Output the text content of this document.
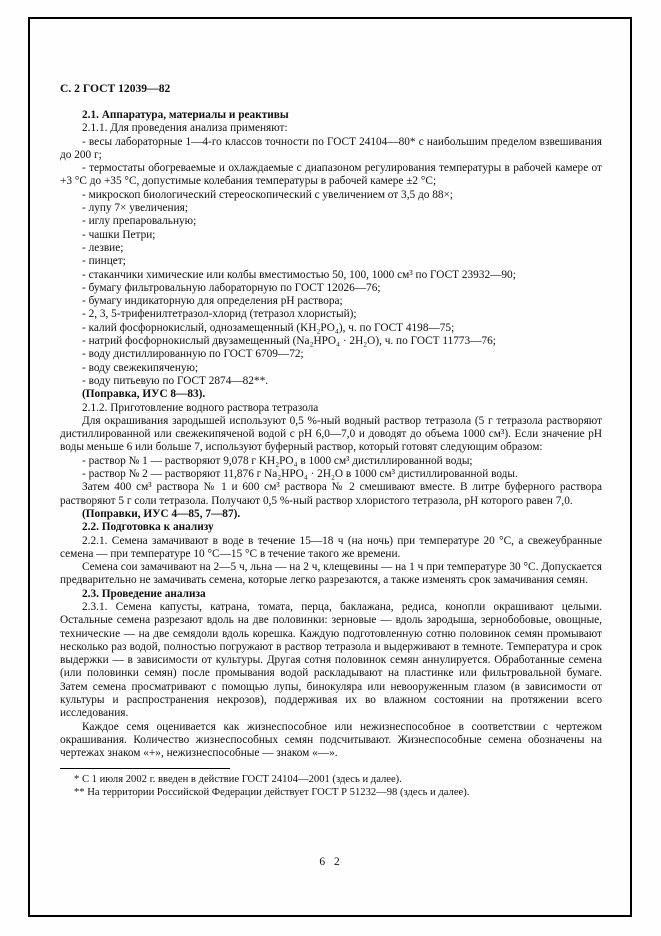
С. 2 ГОСТ 12039—82

2.1. Аппаратура, материалы и реактивы

2.1.1. Для проведения анализа применяют:

- весы лабораторные 1—4-го классов точности по ГОСТ 24104—80* с наибольшим пределом взвешивания до 200 г;

- термостаты обогреваемые и охлаждаемые с диапазоном регулирования температуры в рабочей камере от +3 °С до +35 °С, допустимые колебания температуры в рабочей камере ±2 °С;

- микроскоп биологический стереоскопический с увеличением от 3,5 до 88×;

- лупу 7× увеличения;

- иглу препаровальную;

- чашки Петри;

- лезвие;

- пинцет;

- стаканчики химические или колбы вместимостью 50, 100, 1000 см³ по ГОСТ 23932—90;

- бумагу фильтровальную лабораторную по ГОСТ 12026—76;

- бумагу индикаторную для определения рН раствора;

- 2, 3, 5-трифенилтетразол-хлорид (тетразол хлористый);

- калий фосфорнокислый, однозамещенный (KH₂PO₄), ч. по ГОСТ 4198—75;

- натрий фосфорнокислый двузамещенный (Na₂HPO₄ · 2H₂O), ч. по ГОСТ 11773—76;

- воду дистиллированную по ГОСТ 6709—72;

- воду свежекипяченую;

- воду питьевую по ГОСТ 2874—82**.

(Поправка, ИУС 8—83).

2.1.2. Приготовление водного раствора тетразола

Для окрашивания зародышей используют 0,5 %-ный водный раствор тетразола (5 г тетразола растворяют дистиллированной или свежекипяченой водой с рН 6,0—7,0 и доводят до объема 1000 см³). Если значение рН воды меньше 6 или больше 7, используют буферный раствор, который готовят следующим образом:

- раствор № 1 — растворяют 9,078 г KH₂PO₄ в 1000 см³ дистиллированной воды;

- раствор № 2 — растворяют 11,876 г Na₂HPO₄ · 2H₂O в 1000 см³ дистиллированной воды.

Затем 400 см³ раствора № 1 и 600 см³ раствора № 2 смешивают вместе. В литре буферного раствора растворяют 5 г соли тетразола. Получают 0,5 %-ный раствор хлористого тетразола, рН которого равен 7,0.

(Поправки, ИУС 4—85, 7—87).

2.2. Подготовка к анализу

2.2.1. Семена замачивают в воде в течение 15—18 ч (на ночь) при температуре 20 °С, а свежеубранные семена — при температуре 10 °С—15 °С в течение такого же времени.

Семена сои замачивают на 2—5 ч, льна — на 2 ч, клещевины — на 1 ч при температуре 30 °С. Допускается предварительно не замачивать семена, которые легко разрезаются, а также изменять срок замачивания семян.

2.3. Проведение анализа

2.3.1. Семена капусты, катрана, томата, перца, баклажана, редиса, конопли окрашивают целыми. Остальные семена разрезают вдоль на две половинки: зерновые — вдоль зародыша, зернобобовые, овощные, технические — на две семядоли вдоль корешка. Каждую подготовленную сотню половинок семян промывают несколько раз водой, полностью погружают в раствор тетразола и выдерживают в темноте. Температура и срок выдержки — в зависимости от культуры. Другая сотня половинок семян аннулируется. Обработанные семена (или половинки семян) после промывания водой раскладывают на пластинке или фильтровальной бумаге. Затем семена просматривают с помощью лупы, бинокуляра или невооруженным глазом (в зависимости от культуры и распространения некрозов), поддерживая их во влажном состоянии на протяжении всего исследования.

Каждое семя оценивается как жизнеспособное или нежизнеспособное в соответствии с чертежом окрашивания. Количество жизнеспособных семян подсчитывают. Жизнеспособные семена обозначены на чертежах знаком «+», нежизнеспособные — знаком «—».

* С 1 июля 2002 г. введен в действие ГОСТ 24104—2001 (здесь и далее).

** На территории Российской Федерации действует ГОСТ Р 51232—98 (здесь и далее).

6 2
